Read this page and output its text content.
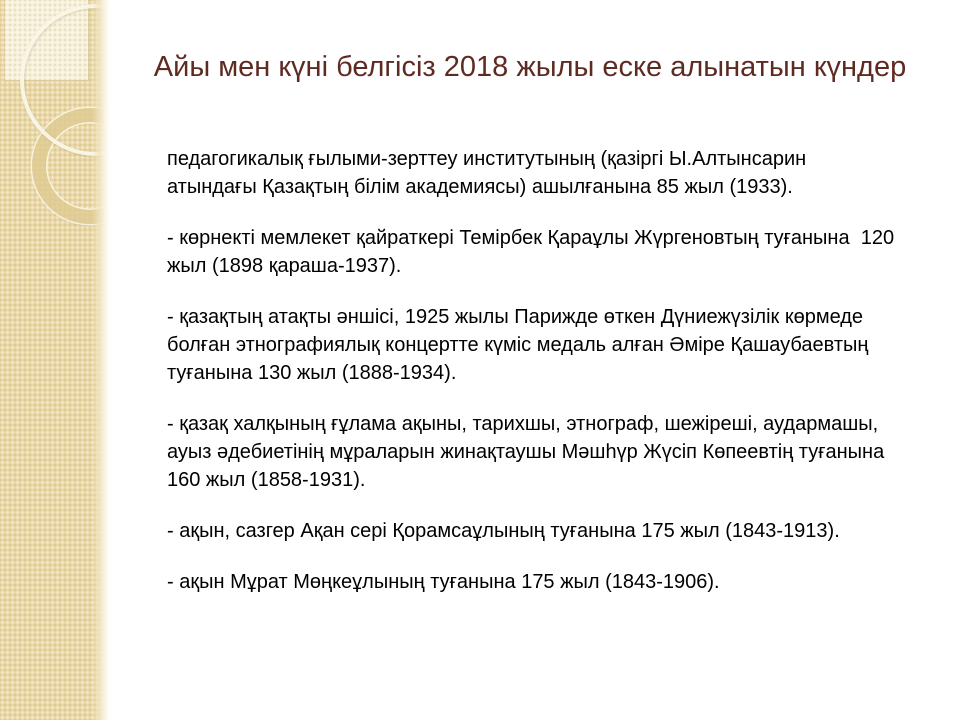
Айы мен күні белгісіз 2018 жылы еске алынатын күндер

педагогикалық ғылыми-зерттеу институтының (қазіргі Ы.Алтынсарин  атындағы Қазақтың білім академиясы) ашылғанына 85 жыл (1933).

- көрнекті мемлекет қайраткері Темірбек Қараұлы Жүргеновтың туғанына  120 жыл (1898 қараша-1937).

- қазақтың атақты әншісі, 1925 жылы Парижде өткен Дүниежүзілік көрмеде болған этнографиялық концертте күміс медаль алған Әміре Қашаубаевтың туғанына 130 жыл (1888-1934).

- қазақ халқының ғұлама ақыны, тарихшы, этнограф, шежіреші, аудармашы, ауыз әдебиетінің мұраларын жинақтаушы Мәшһүр Жүсіп Көпеевтің туғанына 160 жыл (1858-1931).

- ақын, сазгер Ақан сері Қорамсаұлының туғанына 175 жыл (1843-1913).

- ақын Мұрат Мөңкеұлының туғанына 175 жыл (1843-1906).
